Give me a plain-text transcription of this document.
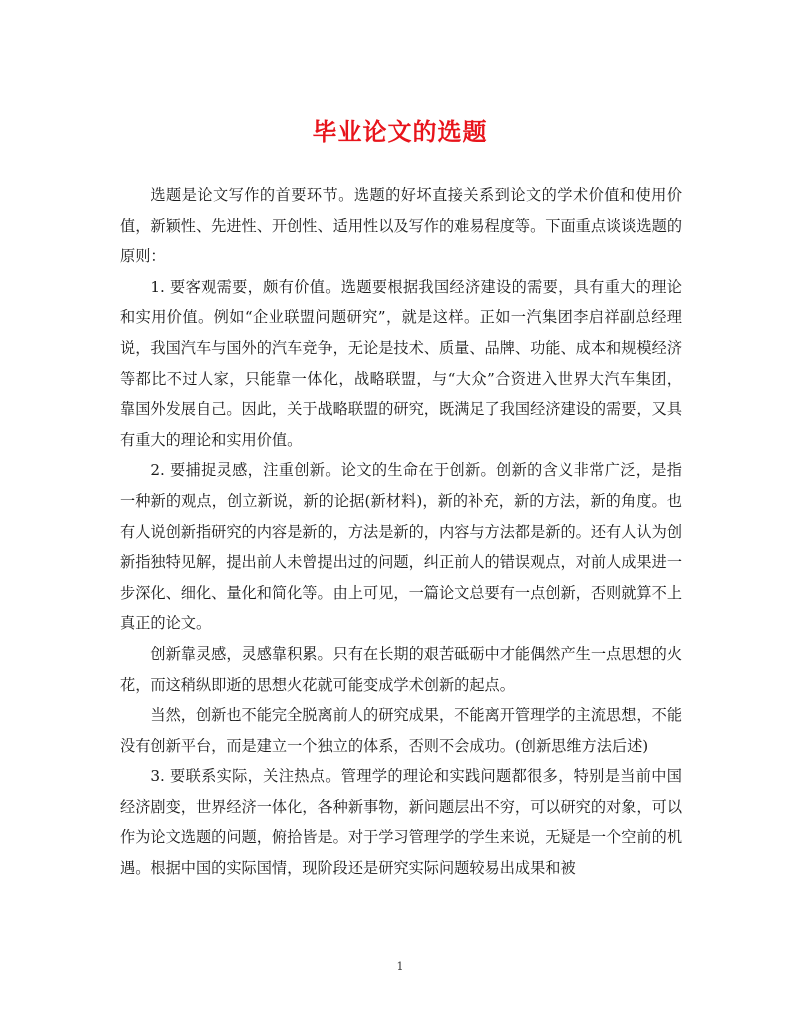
毕业论文的选题

选题是论文写作的首要环节。选题的好坏直接关系到论文的学术价值和使用价值，新颖性、先进性、开创性、适用性以及写作的难易程度等。下面重点谈谈选题的原则：

1. 要客观需要，颇有价值。选题要根据我国经济建设的需要，具有重大的理论和实用价值。例如“企业联盟问题研究”，就是这样。正如一汽集团李启祥副总经理说，我国汽车与国外的汽车竞争，无论是技术、质量、品牌、功能、成本和规模经济等都比不过人家，只能靠一体化，战略联盟，与“大众”合资进入世界大汽车集团，靠国外发展自己。因此，关于战略联盟的研究，既满足了我国经济建设的需要，又具有重大的理论和实用价值。

2. 要捕捉灵感，注重创新。论文的生命在于创新。创新的含义非常广泛，是指一种新的观点，创立新说，新的论据(新材料)，新的补充，新的方法，新的角度。也有人说创新指研究的内容是新的，方法是新的，内容与方法都是新的。还有人认为创新指独特见解，提出前人未曾提出过的问题，纠正前人的错误观点，对前人成果进一步深化、细化、量化和简化等。由上可见，一篇论文总要有一点创新，否则就算不上真正的论文。

创新靠灵感，灵感靠积累。只有在长期的艰苦砥砺中才能偶然产生一点思想的火花，而这稍纵即逝的思想火花就可能变成学术创新的起点。

当然，创新也不能完全脱离前人的研究成果，不能离开管理学的主流思想，不能没有创新平台，而是建立一个独立的体系，否则不会成功。(创新思维方法后述)

3. 要联系实际，关注热点。管理学的理论和实践问题都很多，特别是当前中国经济剧变，世界经济一体化，各种新事物，新问题层出不穷，可以研究的对象，可以作为论文选题的问题，俯拾皆是。对于学习管理学的学生来说，无疑是一个空前的机遇。根据中国的实际国情，现阶段还是研究实际问题较易出成果和被

1
